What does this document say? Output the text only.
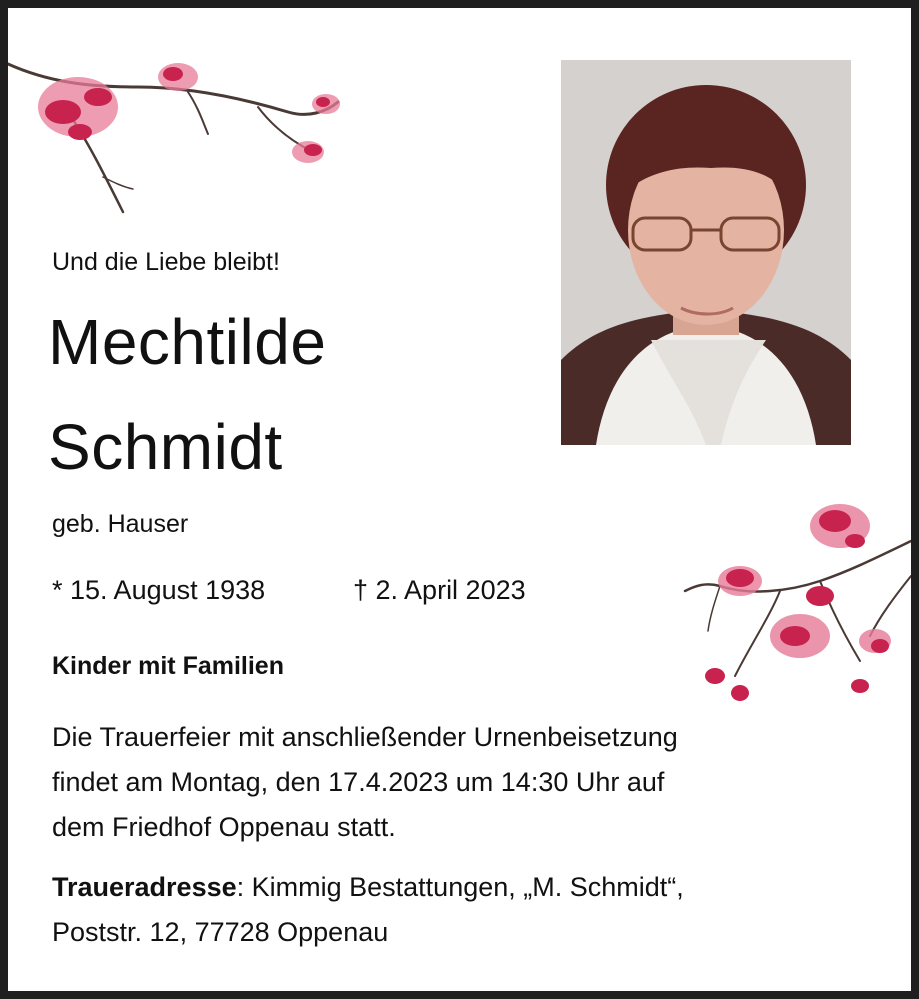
Und die Liebe bleibt!
Mechtilde
Schmidt
geb. Hauser
* 15. August 1938	† 2. April 2023
Kinder mit Familien
Die Trauerfeier mit anschließender Urnenbeisetzung
findet am Montag, den 17.4.2023 um 14:30 Uhr auf
dem Friedhof Oppenau statt.
Traueradresse: Kimmig Bestattungen, „M. Schmidt“,
Poststr. 12, 77728 Oppenau
